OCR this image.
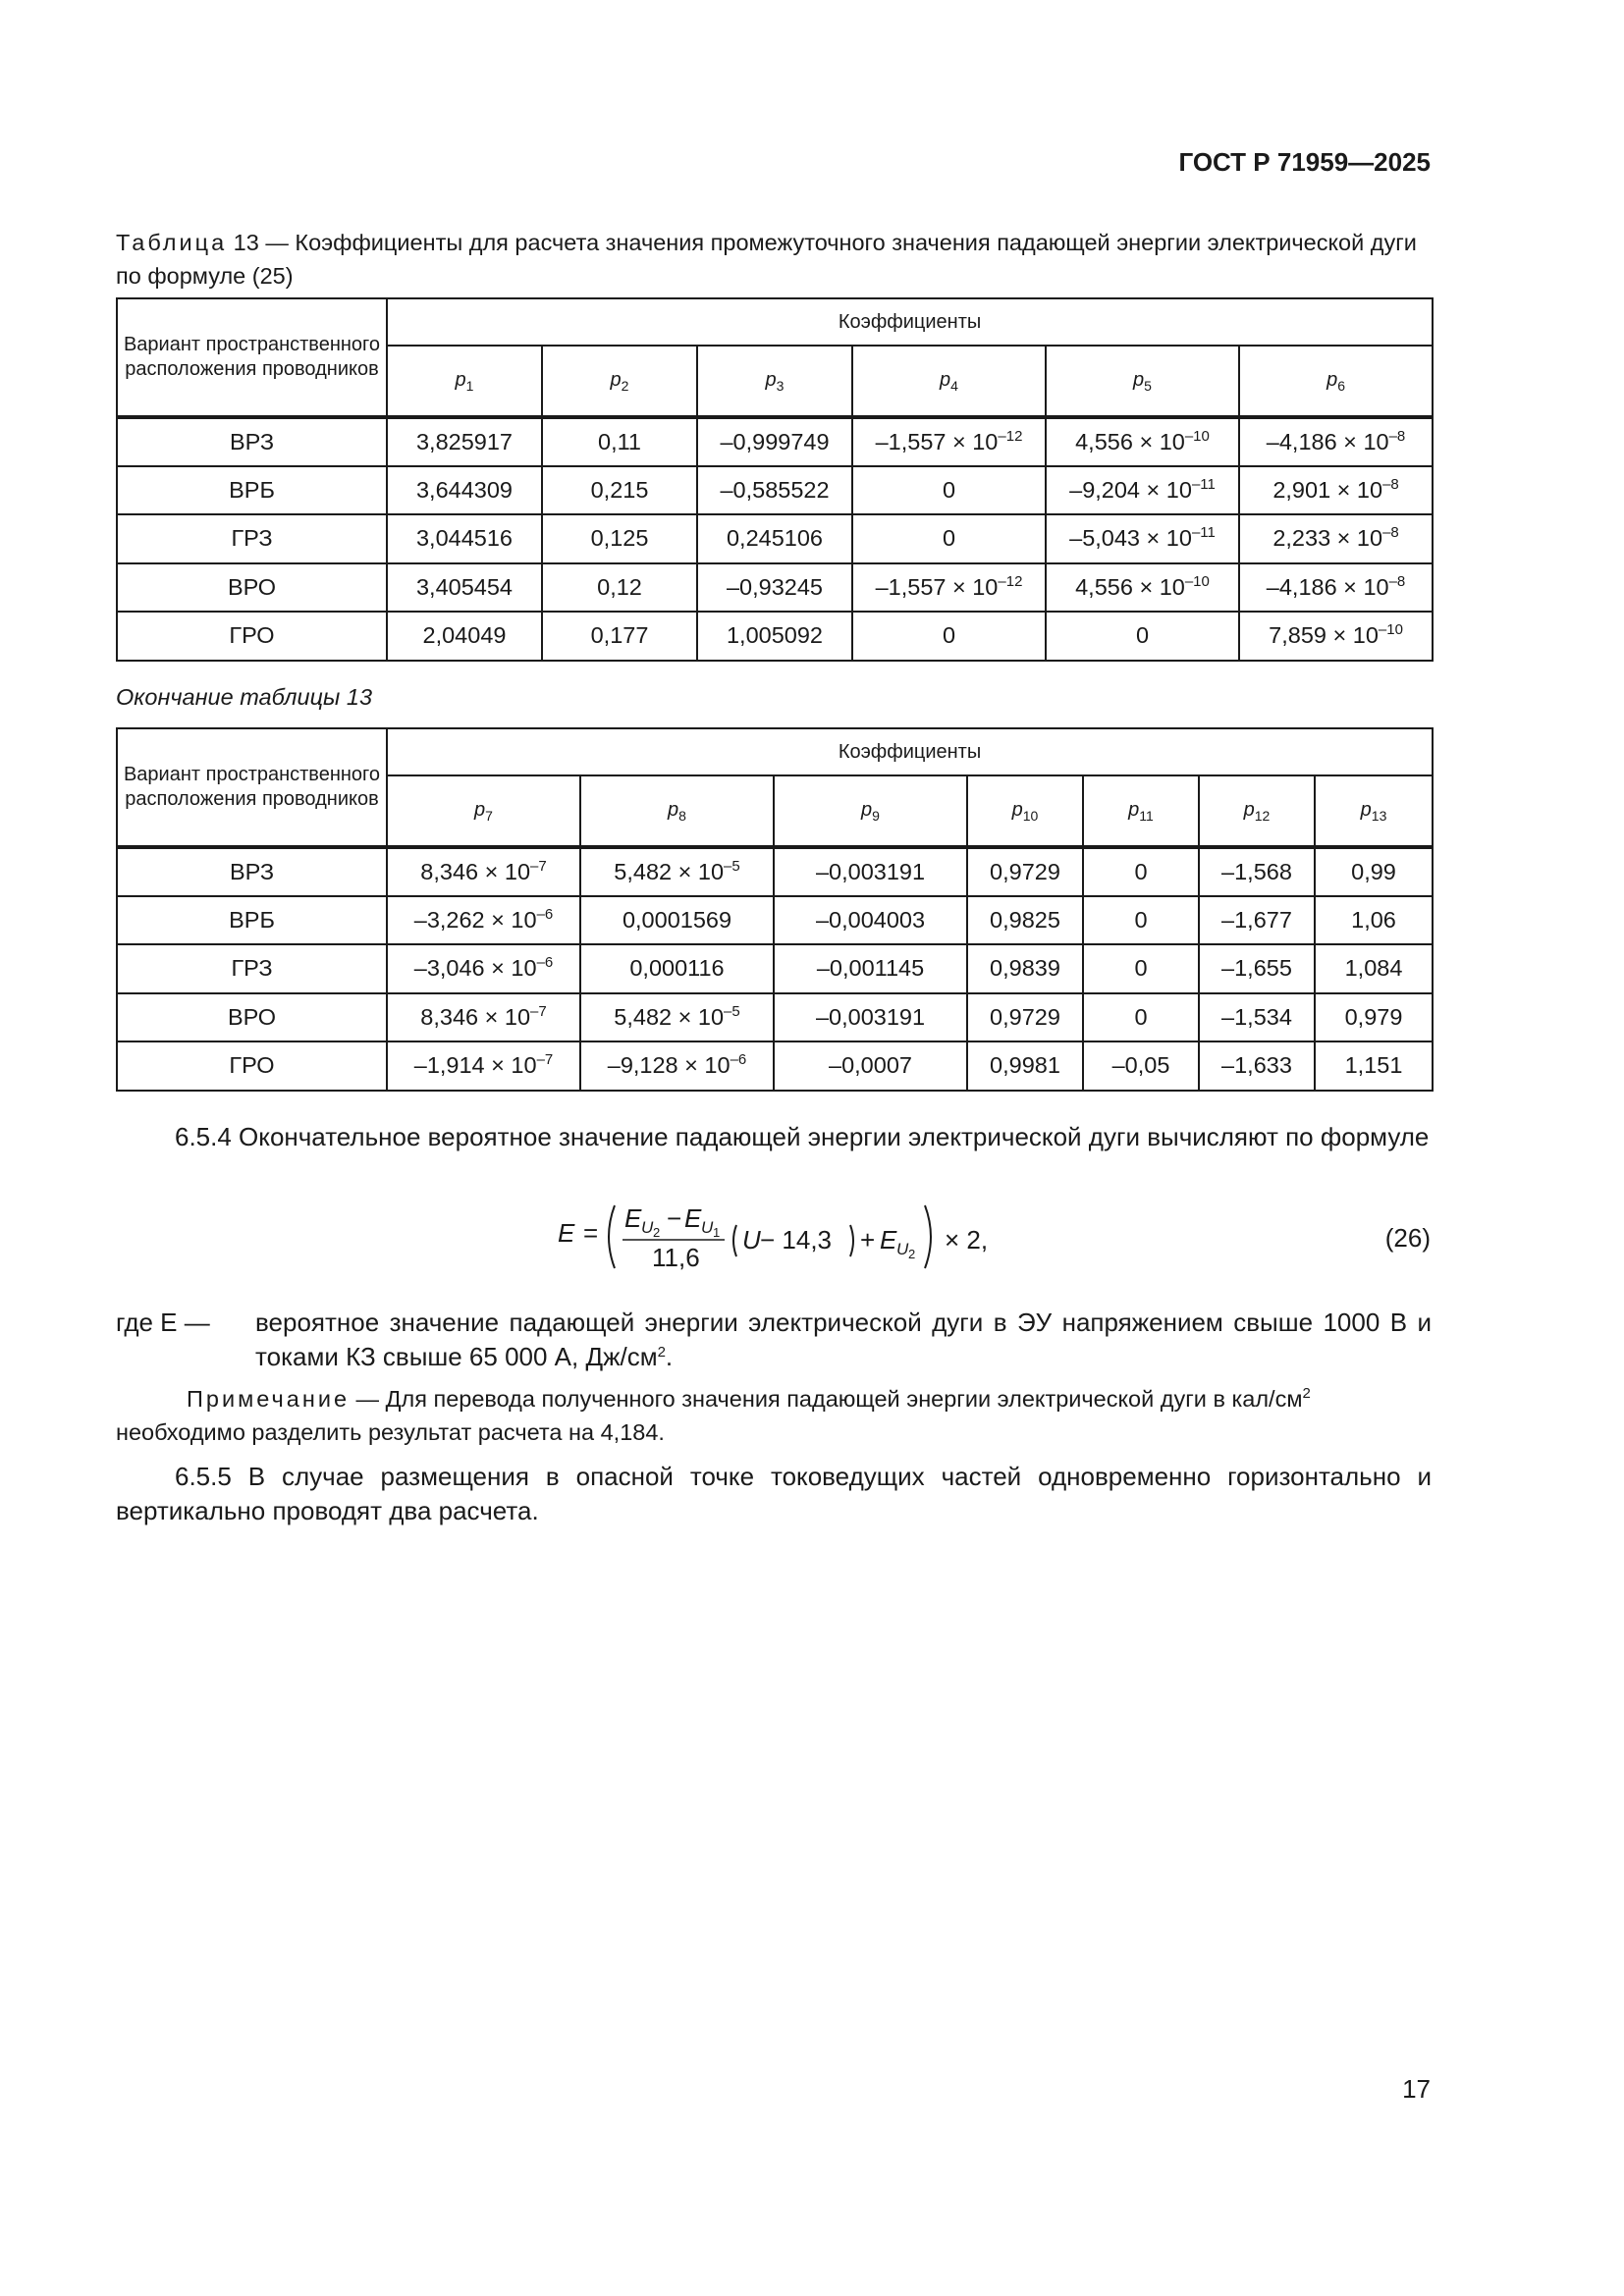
ГОСТ Р 71959—2025
Таблица 13 — Коэффициенты для расчета значения промежуточного значения падающей энергии электрической дуги по формуле (25)
Вариант пространственного расположения проводников	Коэффициенты					
	$p_1$	$p_2$	$p_3$	$p_4$	$p_5$	$p_6$
ВРЗ	3,825917	0,11	–0,999749	$-1,557 \times 10^{-12}$	$4,556 \times 10^{-10}$	$-4,186 \times 10^{-8}$
ВРБ	3,644309	0,215	–0,585522	0	$-9,204 \times 10^{-11}$	$2,901 \times 10^{-8}$
ГРЗ	3,044516	0,125	0,245106	0	$-5,043 \times 10^{-11}$	$2,233 \times 10^{-8}$
ВРО	3,405454	0,12	–0,93245	$-1,557 \times 10^{-12}$	$4,556 \times 10^{-10}$	$-4,186 \times 10^{-8}$
ГРО	2,04049	0,177	1,005092	0	0	$7,859 \times 10^{-10}$
Окончание таблицы 13
Вариант пространственного расположения проводников	Коэффициенты						
	$p_7$	$p_8$	$p_9$	$p_{10}$	$p_{11}$	$p_{12}$	$p_{13}$
ВРЗ	$8,346 \times 10^{-7}$	$5,482 \times 10^{-5}$	–0,003191	0,9729	0	–1,568	0,99
ВРБ	$-3,262 \times 10^{-6}$	0,0001569	–0,004003	0,9825	0	–1,677	1,06
ГРЗ	$-3,046 \times 10^{-6}$	0,000116	–0,001145	0,9839	0	–1,655	1,084
ВРО	$8,346 \times 10^{-7}$	$5,482 \times 10^{-5}$	–0,003191	0,9729	0	–1,534	0,979
ГРО	$-1,914 \times 10^{-7}$	$-9,128 \times 10^{-6}$	–0,0007	0,9981	–0,05	–1,633	1,151
6.5.4 Окончательное вероятное значение падающей энергии электрической дуги вычисляют по формуле
E = E U 2 − E U 1
11,6
U − 14,3 + E U 2 × 2,	(26)
где E — вероятное значение падающей энергии электрической дуги в ЭУ напряжением свыше 1000 В и токами КЗ свыше 65 000 А, $Дж/см^2$.
Примечание — Для перевода полученного значения падающей энергии электрической дуги в кал/$см^2$ необходимо разделить результат расчета на 4,184.
6.5.5 В случае размещения в опасной точке токоведущих частей одновременно горизонтально и вертикально проводят два расчета.
17
